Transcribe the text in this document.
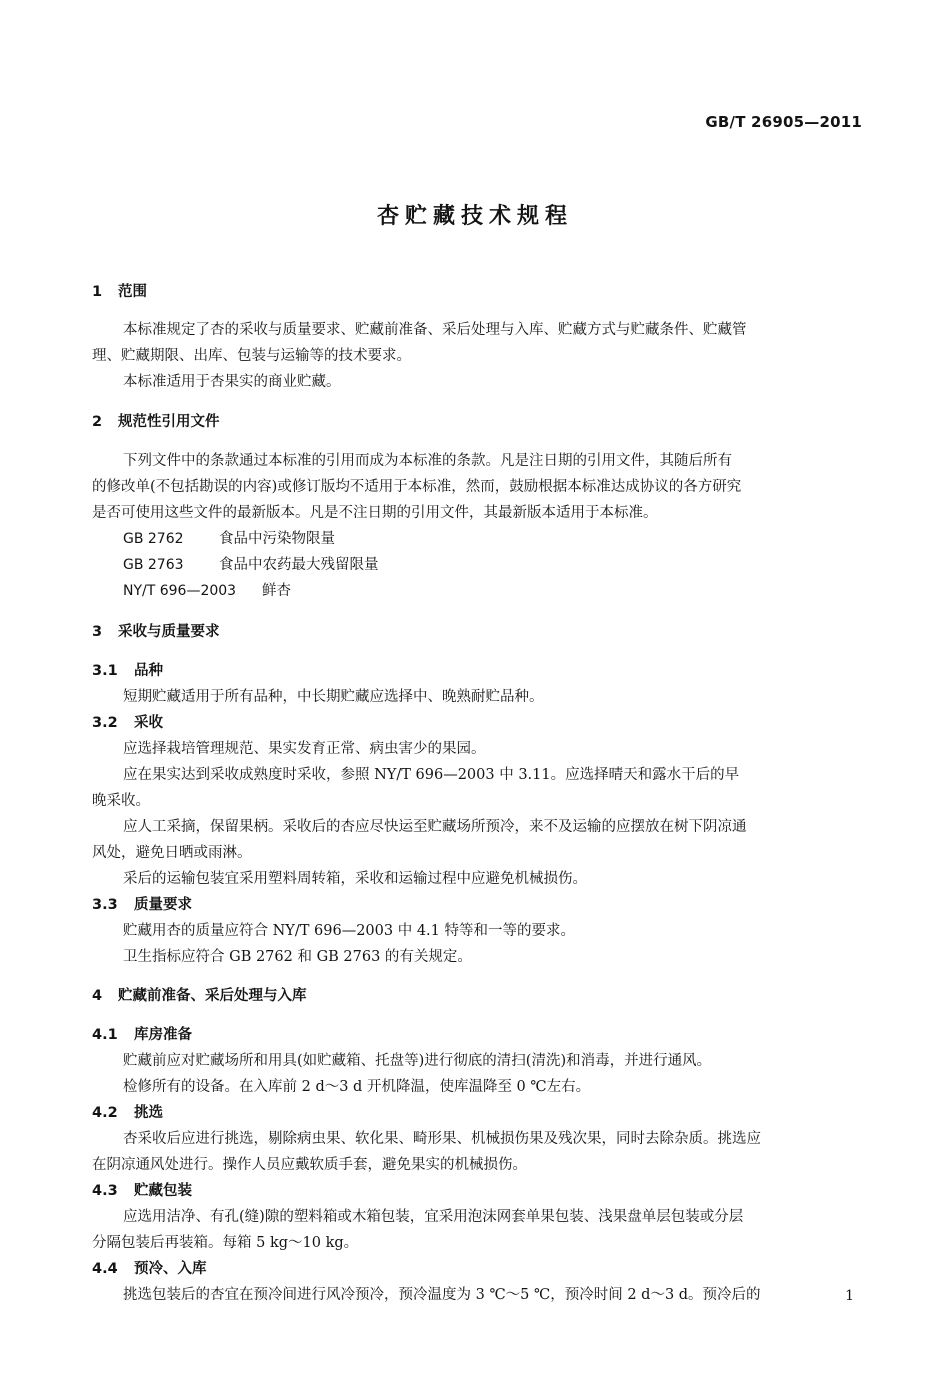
GB/T 26905—2011
杏贮藏技术规程
1 范围
本标准规定了杏的采收与质量要求、贮藏前准备、采后处理与入库、贮藏方式与贮藏条件、贮藏管
理、贮藏期限、出库、包装与运输等的技术要求。
本标准适用于杏果实的商业贮藏。
2 规范性引用文件
下列文件中的条款通过本标准的引用而成为本标准的条款。凡是注日期的引用文件，其随后所有
的修改单(不包括勘误的内容)或修订版均不适用于本标准，然而，鼓励根据本标准达成协议的各方研究
是否可使用这些文件的最新版本。凡是不注日期的引用文件，其最新版本适用于本标准。
GB 2762 食品中污染物限量
GB 2763 食品中农药最大残留限量
NY/T 696—2003 鲜杏
3 采收与质量要求
3.1 品种
短期贮藏适用于所有品种，中长期贮藏应选择中、晚熟耐贮品种。
3.2 采收
应选择栽培管理规范、果实发育正常、病虫害少的果园。
应在果实达到采收成熟度时采收，参照 NY/T 696—2003 中 3.11。应选择晴天和露水干后的早
晚采收。
应人工采摘，保留果柄。采收后的杏应尽快运至贮藏场所预冷，来不及运输的应摆放在树下阴凉通
风处，避免日晒或雨淋。
采后的运输包装宜采用塑料周转箱，采收和运输过程中应避免机械损伤。
3.3 质量要求
贮藏用杏的质量应符合 NY/T 696—2003 中 4.1 特等和一等的要求。
卫生指标应符合 GB 2762 和 GB 2763 的有关规定。
4 贮藏前准备、采后处理与入库
4.1 库房准备
贮藏前应对贮藏场所和用具(如贮藏箱、托盘等)进行彻底的清扫(清洗)和消毒，并进行通风。
检修所有的设备。在入库前 2 d～3 d 开机降温，使库温降至 0 ℃左右。
4.2 挑选
杏采收后应进行挑选，剔除病虫果、软化果、畸形果、机械损伤果及残次果，同时去除杂质。挑选应
在阴凉通风处进行。操作人员应戴软质手套，避免果实的机械损伤。
4.3 贮藏包装
应选用洁净、有孔(缝)隙的塑料箱或木箱包装，宜采用泡沫网套单果包装、浅果盘单层包装或分层
分隔包装后再装箱。每箱 5 kg～10 kg。
4.4 预冷、入库
挑选包装后的杏宜在预冷间进行风冷预冷，预冷温度为 3 ℃～5 ℃，预冷时间 2 d～3 d。预冷后的	1
